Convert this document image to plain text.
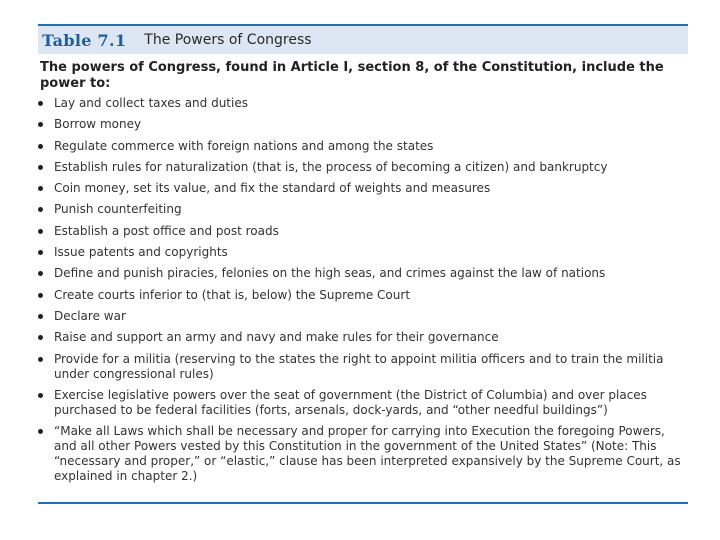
Table 7.1 The Powers of Congress
The powers of Congress, found in Article I, section 8, of the Constitution, include the power to:
Lay and collect taxes and duties
Borrow money
Regulate commerce with foreign nations and among the states
Establish rules for naturalization (that is, the process of becoming a citizen) and bankruptcy
Coin money, set its value, and fix the standard of weights and measures
Punish counterfeiting
Establish a post office and post roads
Issue patents and copyrights
Define and punish piracies, felonies on the high seas, and crimes against the law of nations
Create courts inferior to (that is, below) the Supreme Court
Declare war
Raise and support an army and navy and make rules for their governance
Provide for a militia (reserving to the states the right to appoint militia officers and to train the militia under congressional rules)
Exercise legislative powers over the seat of government (the District of Columbia) and over places purchased to be federal facilities (forts, arsenals, dock-yards, and “other needful buildings”)
“Make all Laws which shall be necessary and proper for carrying into Execution the foregoing Powers, and all other Powers vested by this Constitution in the government of the United States” (Note: This “necessary and proper,” or “elastic,” clause has been interpreted expansively by the Supreme Court, as explained in chapter 2.)
